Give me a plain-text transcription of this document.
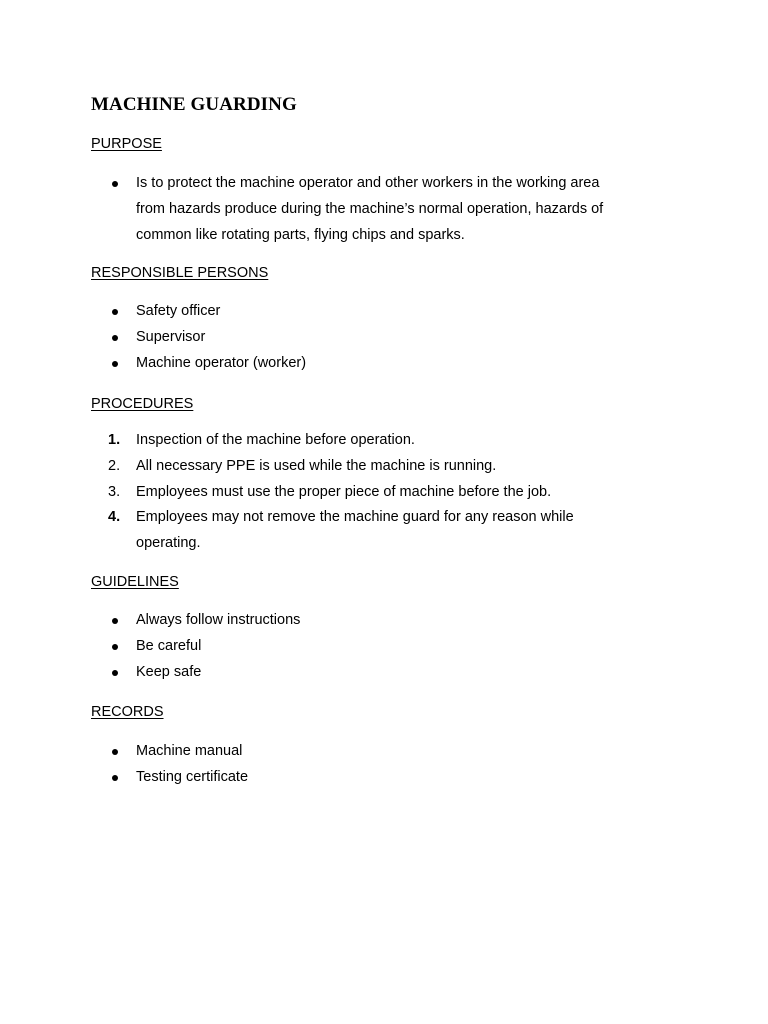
MACHINE GUARDING

PURPOSE

Is to protect the machine operator and other workers in the working area
from hazards produce during the machine’s normal operation, hazards of
common like rotating parts, flying chips and sparks.

RESPONSIBLE PERSONS

Safety officer
Supervisor
Machine operator (worker)

PROCEDURES

1.	Inspection of the machine before operation.
2.	All necessary PPE is used while the machine is running.
3.	Employees must use the proper piece of machine before the job.
4.	Employees may not remove the machine guard for any reason while
operating.

GUIDELINES

Always follow instructions
Be careful
Keep safe

RECORDS

Machine manual
Testing certificate
